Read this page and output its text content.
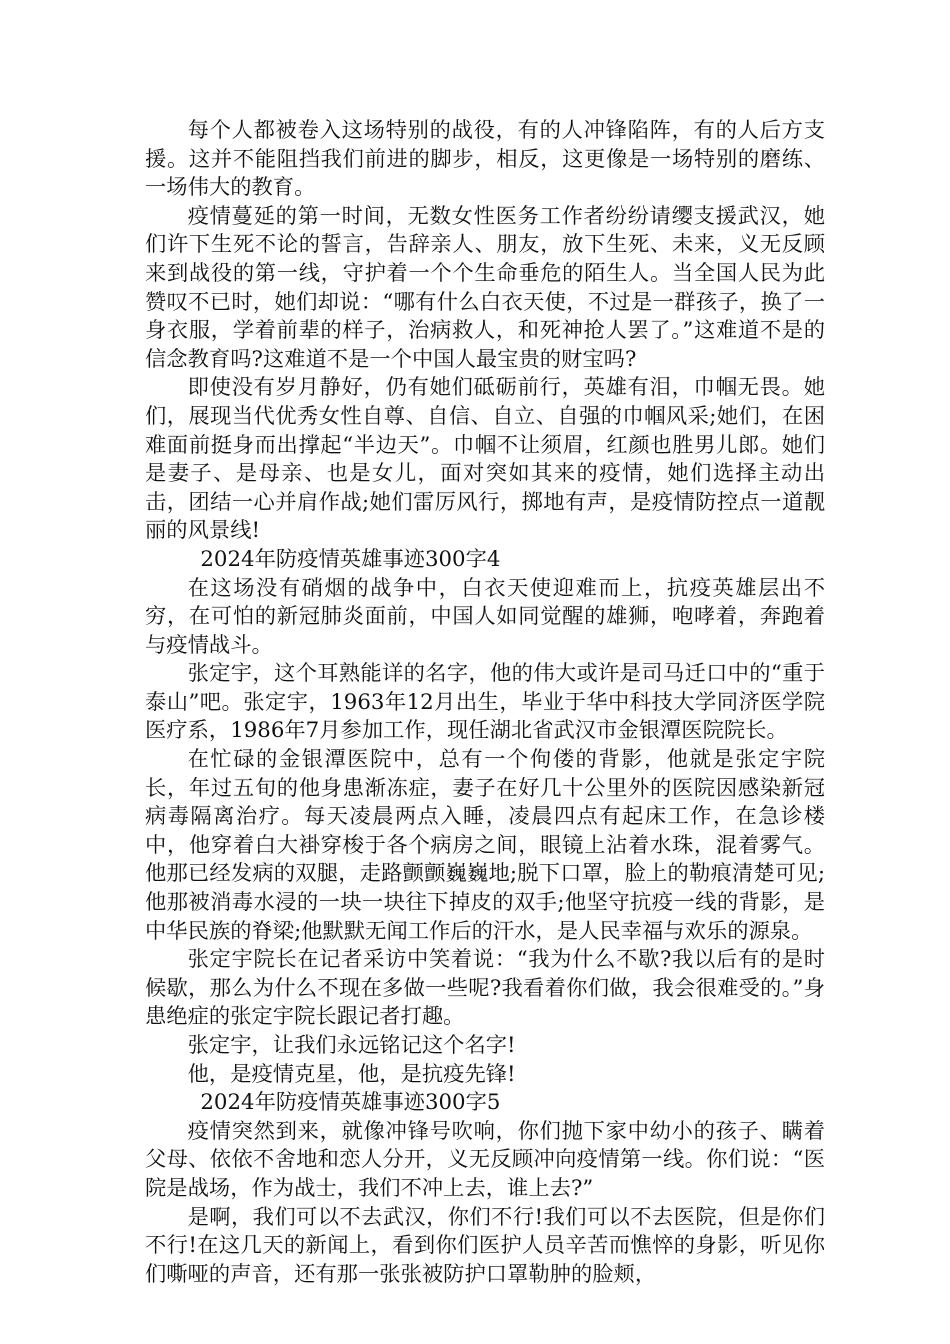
每个人都被卷入这场特别的战役，有的人冲锋陷阵，有的人后方支援。这并不能阻挡我们前进的脚步，相反，这更像是一场特别的磨练、一场伟大的教育。

疫情蔓延的第一时间，无数女性医务工作者纷纷请缨支援武汉，她们许下生死不论的誓言，告辞亲人、朋友，放下生死、未来，义无反顾来到战役的第一线，守护着一个个生命垂危的陌生人。当全国人民为此赞叹不已时，她们却说：“哪有什么白衣天使，不过是一群孩子，换了一身衣服，学着前辈的样子，治病救人，和死神抢人罢了。”这难道不是的信念教育吗?这难道不是一个中国人最宝贵的财宝吗?

即使没有岁月静好，仍有她们砥砺前行，英雄有泪，巾帼无畏。她们，展现当代优秀女性自尊、自信、自立、自强的巾帼风采;她们，在困难面前挺身而出撑起“半边天”。巾帼不让须眉，红颜也胜男儿郎。她们是妻子、是母亲、也是女儿，面对突如其来的疫情，她们选择主动出击，团结一心并肩作战;她们雷厉风行，掷地有声，是疫情防控点一道靓丽的风景线!

2024年防疫情英雄事迹300字4

在这场没有硝烟的战争中，白衣天使迎难而上，抗疫英雄层出不穷，在可怕的新冠肺炎面前，中国人如同觉醒的雄狮，咆哮着，奔跑着与疫情战斗。

张定宇，这个耳熟能详的名字，他的伟大或许是司马迁口中的“重于泰山”吧。张定宇，1963年12月出生，毕业于华中科技大学同济医学院医疗系，1986年7月参加工作，现任湖北省武汉市金银潭医院院长。

在忙碌的金银潭医院中，总有一个佝偻的背影，他就是张定宇院长，年过五旬的他身患渐冻症，妻子在好几十公里外的医院因感染新冠病毒隔离治疗。每天凌晨两点入睡，凌晨四点有起床工作，在急诊楼中，他穿着白大褂穿梭于各个病房之间，眼镜上沾着水珠，混着雾气。他那已经发病的双腿，走路颤颤巍巍地;脱下口罩，脸上的勒痕清楚可见;他那被消毒水浸的一块一块往下掉皮的双手;他坚守抗疫一线的背影，是中华民族的脊梁;他默默无闻工作后的汗水，是人民幸福与欢乐的源泉。

张定宇院长在记者采访中笑着说：“我为什么不歇?我以后有的是时候歇，那么为什么不现在多做一些呢?我看着你们做，我会很难受的。”身患绝症的张定宇院长跟记者打趣。

张定宇，让我们永远铭记这个名字!

他，是疫情克星，他，是抗疫先锋!

2024年防疫情英雄事迹300字5

疫情突然到来，就像冲锋号吹响，你们抛下家中幼小的孩子、瞒着父母、依依不舍地和恋人分开，义无反顾冲向疫情第一线。你们说：“医院是战场，作为战士，我们不冲上去，谁上去?”

是啊，我们可以不去武汉，你们不行!我们可以不去医院，但是你们不行!在这几天的新闻上，看到你们医护人员辛苦而憔悴的身影，听见你们嘶哑的声音，还有那一张张被防护口罩勒肿的脸颊，
